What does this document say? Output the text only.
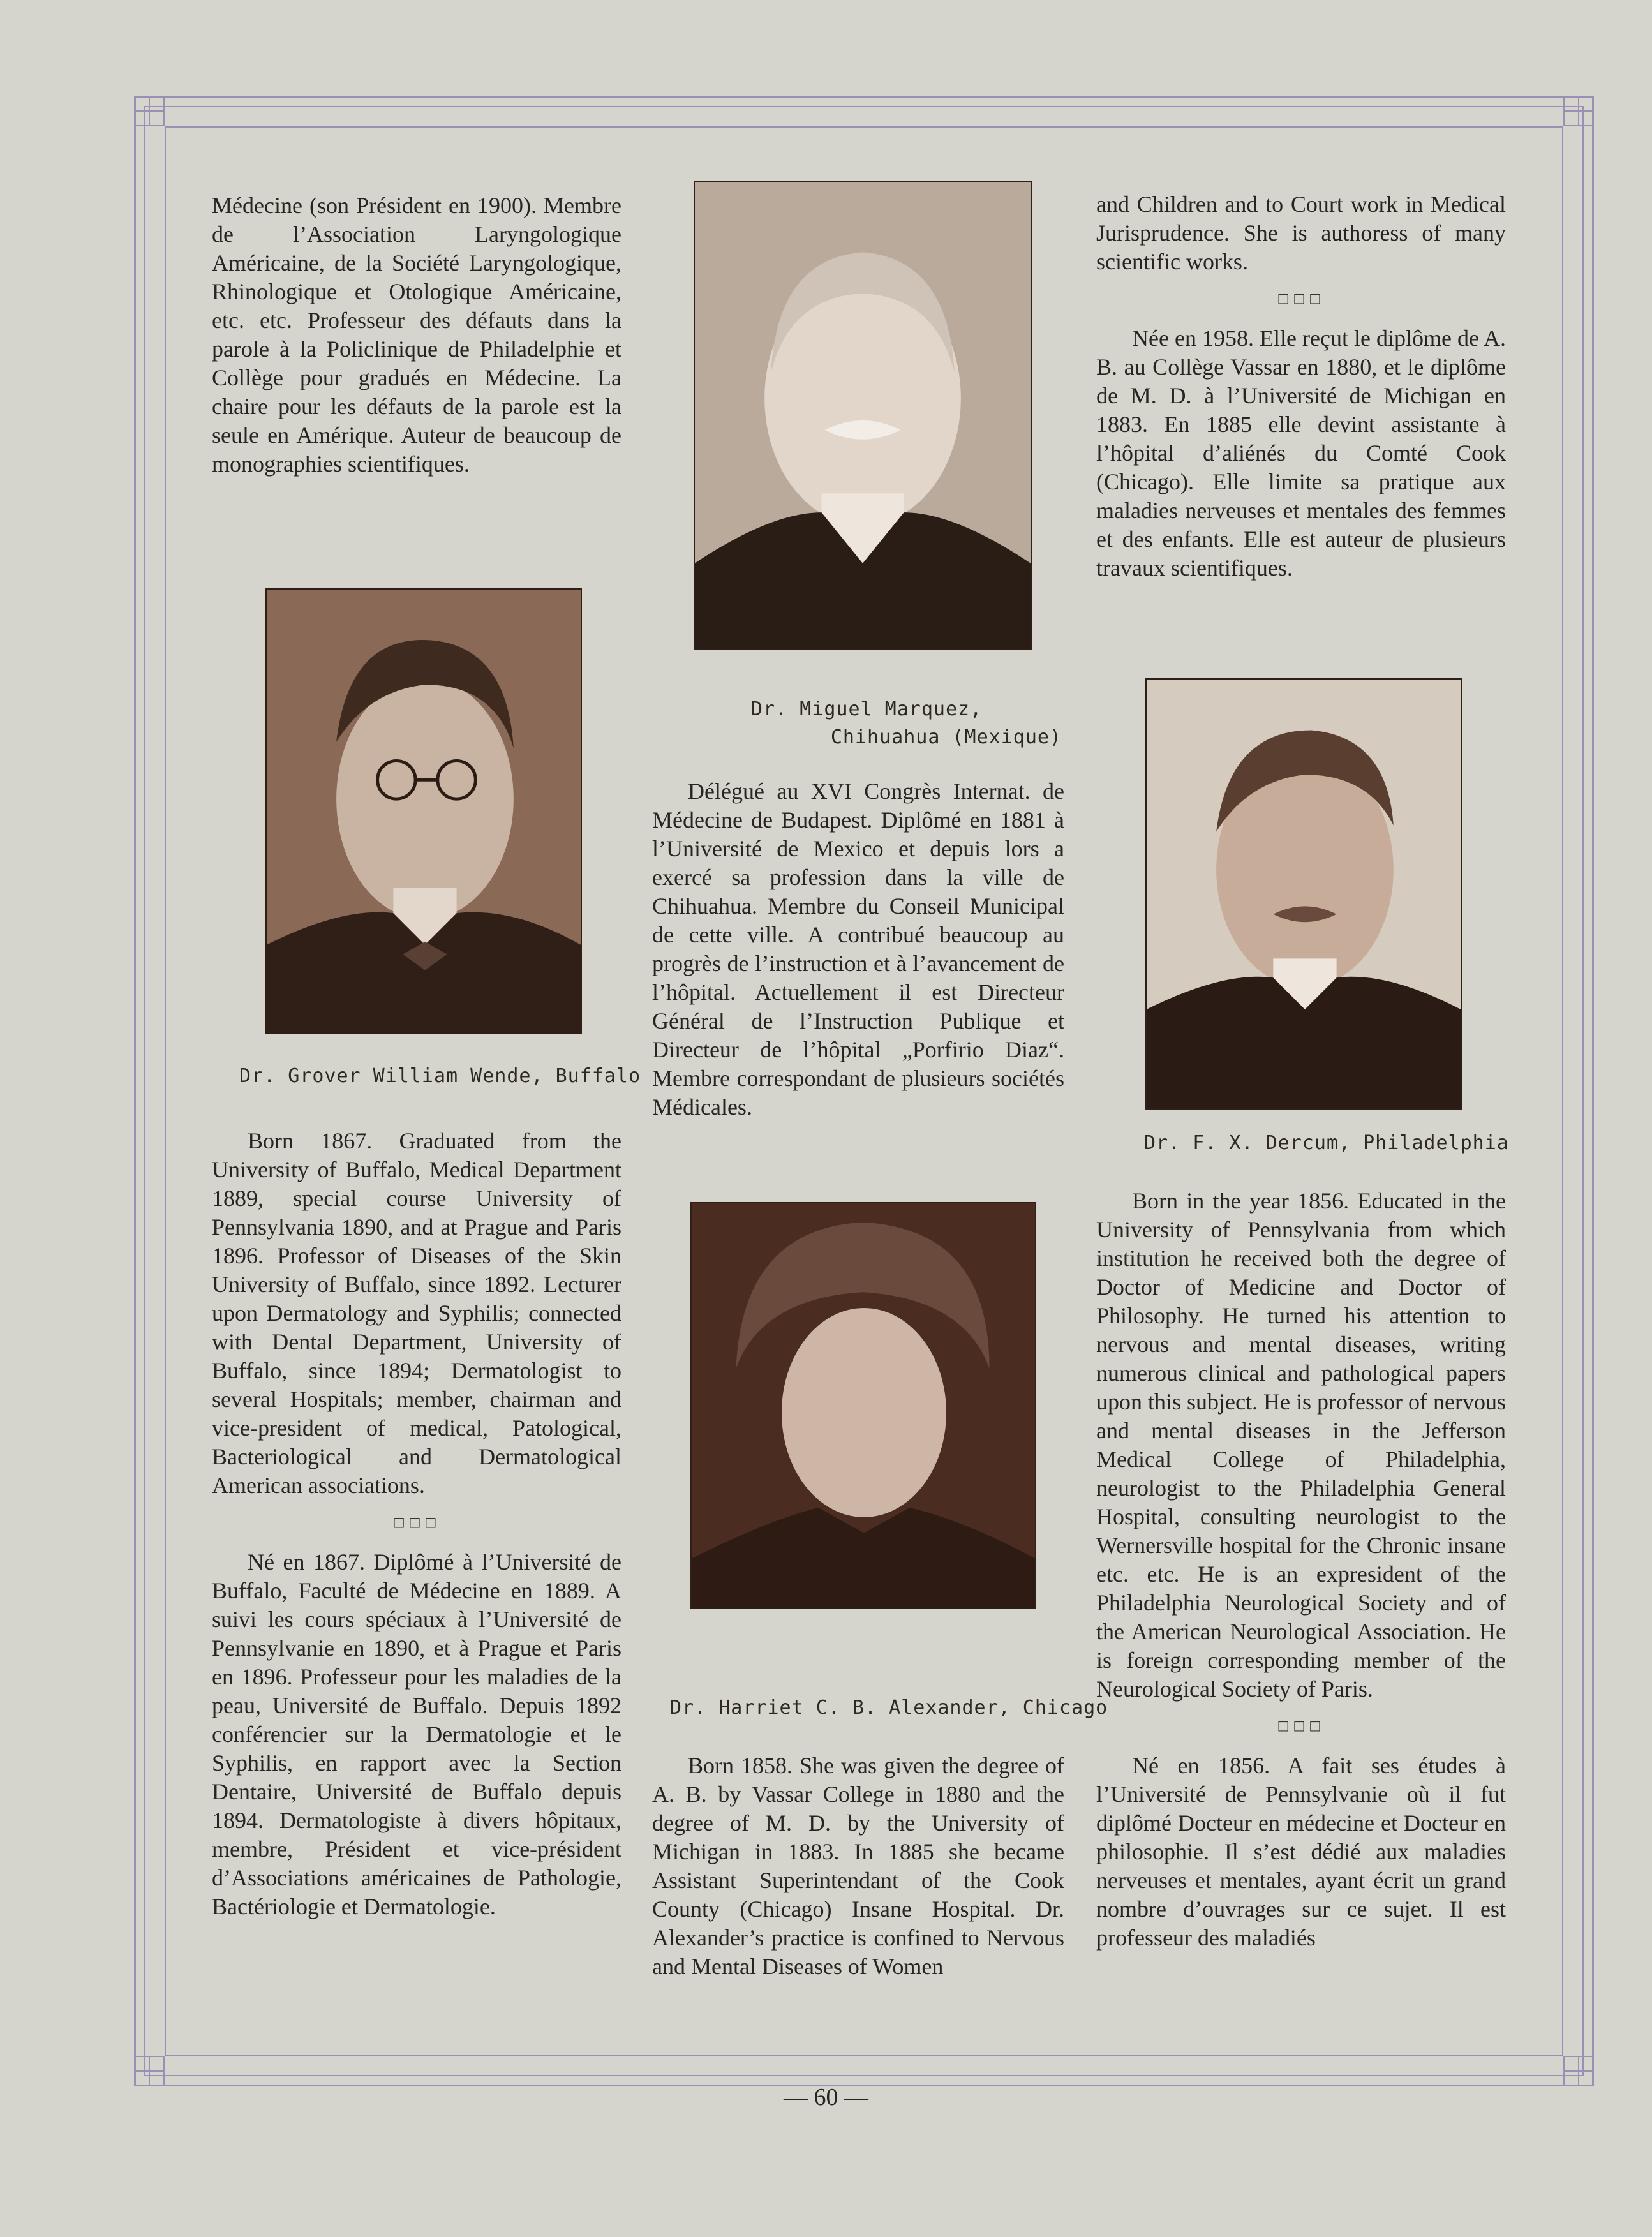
Médecine (son Président en 1900). Membre de l’Association Laryngologique Américaine, de la Société Laryngologique, Rhinologique et Otologique Américaine, etc. etc. Professeur des défauts dans la parole à la Policlinique de Philadelphie et Collège pour gradués en Médecine. La chaire pour les défauts de la parole est la seule en Amérique. Auteur de beaucoup de monographies scientifiques.

Dr. Grover William Wende, Buffalo

Born 1867. Graduated from the University of Buffalo, Medical Department 1889, special course University of Pennsylvania 1890, and at Prague and Paris 1896. Professor of Diseases of the Skin University of Buffalo, since 1892. Lecturer upon Dermatology and Syphilis; connected with Dental Department, University of Buffalo, since 1894; Dermatologist to several Hospitals; member, chairman and vice-president of medical, Patological, Bacteriological and Dermatological American associations.

□□□

Né en 1867. Diplômé à l’Université de Buffalo, Faculté de Médecine en 1889. A suivi les cours spéciaux à l’Université de Pennsylvanie en 1890, et à Prague et Paris en 1896. Professeur pour les maladies de la peau, Université de Buffalo. Depuis 1892 conférencier sur la Dermatologie et le Syphilis, en rapport avec la Section Dentaire, Université de Buffalo depuis 1894. Dermatologiste à divers hôpitaux, membre, Président et vice-président d’Associations américaines de Pathologie, Bactériologie et Dermatologie.

Dr. Miguel Marquez,
Chihuahua (Mexique)

Délégué au XVI Congrès Internat. de Médecine de Budapest. Diplômé en 1881 à l’Université de Mexico et depuis lors a exercé sa profession dans la ville de Chihuahua. Membre du Conseil Municipal de cette ville. A contribué beaucoup au progrès de l’instruction et à l’avancement de l’hôpital. Actuellement il est Directeur Général de l’Instruction Publique et Directeur de l’hôpital „Porfirio Diaz“. Membre correspondant de plusieurs sociétés Médicales.

Dr. Harriet C. B. Alexander, Chicago

Born 1858. She was given the degree of A. B. by Vassar College in 1880 and the degree of M. D. by the University of Michigan in 1883. In 1885 she became Assistant Superintendant of the Cook County (Chicago) Insane Hospital. Dr. Alexander’s practice is confined to Nervous and Mental Diseases of Women

and Children and to Court work in Medical Jurisprudence. She is authoress of many scientific works.

□□□

Née en 1958. Elle reçut le diplôme de A. B. au Collège Vassar en 1880, et le diplôme de M. D. à l’Université de Michigan en 1883. En 1885 elle devint assistante à l’hôpital d’aliénés du Comté Cook (Chicago). Elle limite sa pratique aux maladies nerveuses et mentales des femmes et des enfants. Elle est auteur de plusieurs travaux scientifiques.

Dr. F. X. Dercum, Philadelphia

Born in the year 1856. Educated in the University of Pennsylvania from which institution he received both the degree of Doctor of Medicine and Doctor of Philosophy. He turned his attention to nervous and mental diseases, writing numerous clinical and pathological papers upon this subject. He is professor of nervous and mental diseases in the Jefferson Medical College of Philadelphia, neurologist to the Philadelphia General Hospital, consulting neurologist to the Wernersville hospital for the Chronic insane etc. etc. He is an expresident of the Philadelphia Neurological Society and of the American Neurological Association. He is foreign corresponding member of the Neurological Society of Paris.

□□□

Né en 1856. A fait ses études à l’Université de Pennsylvanie où il fut diplômé Docteur en médecine et Docteur en philosophie. Il s’est dédié aux maladies nerveuses et mentales, ayant écrit un grand nombre d’ouvrages sur ce sujet. Il est professeur des maladiés

— 60 —
